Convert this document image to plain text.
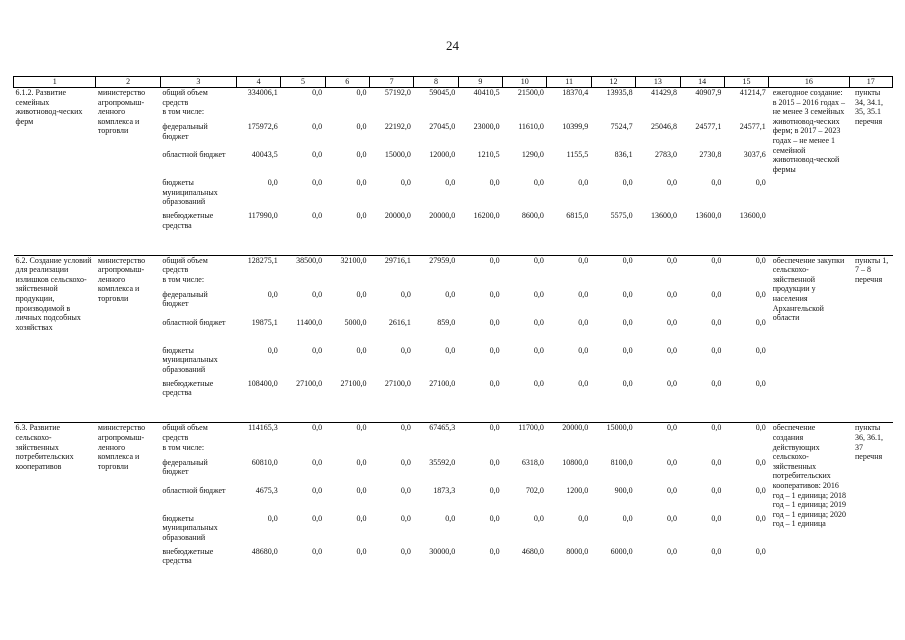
24
1	2	3	4	5	6	7	8	9	10	11	12	13	14	15	16	17
6.1.2. Развитие семейных животновод-ческих ферм	министерство агропромыш-ленного комплекса и торговли	общий объем средств	334006,1	0,0	0,0	57192,0	59045,0	40410,5	21500,0	18370,4	13935,8	41429,8	40907,9	41214,7	ежегодное создание: в 2015 – 2016 годах – не менее 3 семейных животновод-ческих ферм; в 2017 – 2023 годах – не менее 1 семейной животновод-ческой фермы	пункты 34, 34.1, 35, 35.1 перечня
		в том числе:														
		федеральный бюджет	175972,6	0,0	0,0	22192,0	27045,0	23000,0	11610,0	10399,9	7524,7	25046,8	24577,1	24577,1		
		областной бюджет	40043,5	0,0	0,0	15000,0	12000,0	1210,5	1290,0	1155,5	836,1	2783,0	2730,8	3037,6		
		бюджеты муниципальных образований	0,0	0,0	0,0	0,0	0,0	0,0	0,0	0,0	0,0	0,0	0,0	0,0		
		внебюджетные средства	117990,0	0,0	0,0	20000,0	20000,0	16200,0	8600,0	6815,0	5575,0	13600,0	13600,0	13600,0		
6.2. Создание условий для реализации излишков сельскохо-зяйственной продукции, производимой в личных подсобных хозяйствах	министерство агропромыш-ленного комплекса и торговли	общий объем средств	128275,1	38500,0	32100,0	29716,1	27959,0	0,0	0,0	0,0	0,0	0,0	0,0	0,0	обеспечение закупки сельскохо-зяйственной продукции у населения Архангельской области	пункты 1, 7 – 8 перечня
		в том числе:														
		федеральный бюджет	0,0	0,0	0,0	0,0	0,0	0,0	0,0	0,0	0,0	0,0	0,0	0,0		
		областной бюджет	19875,1	11400,0	5000,0	2616,1	859,0	0,0	0,0	0,0	0,0	0,0	0,0	0,0		
		бюджеты муниципальных образований	0,0	0,0	0,0	0,0	0,0	0,0	0,0	0,0	0,0	0,0	0,0	0,0		
		внебюджетные средства	108400,0	27100,0	27100,0	27100,0	27100,0	0,0	0,0	0,0	0,0	0,0	0,0	0,0		
6.3. Развитие сельскохо-зяйственных потребительских кооперативов	министерство агропромыш-ленного комплекса и торговли	общий объем средств	114165,3	0,0	0,0	0,0	67465,3	0,0	11700,0	20000,0	15000,0	0,0	0,0	0,0	обеспечение создания действующих сельскохо-зяйственных потребительских кооперативов: 2016 год – 1 единица; 2018 год – 1 единица; 2019 год – 1 единица; 2020 год – 1 единица	пункты 36, 36.1, 37 перечня
		в том числе:														
		федеральный бюджет	60810,0	0,0	0,0	0,0	35592,0	0,0	6318,0	10800,0	8100,0	0,0	0,0	0,0		
		областной бюджет	4675,3	0,0	0,0	0,0	1873,3	0,0	702,0	1200,0	900,0	0,0	0,0	0,0		
		бюджеты муниципальных образований	0,0	0,0	0,0	0,0	0,0	0,0	0,0	0,0	0,0	0,0	0,0	0,0		
		внебюджетные средства	48680,0	0,0	0,0	0,0	30000,0	0,0	4680,0	8000,0	6000,0	0,0	0,0	0,0		
